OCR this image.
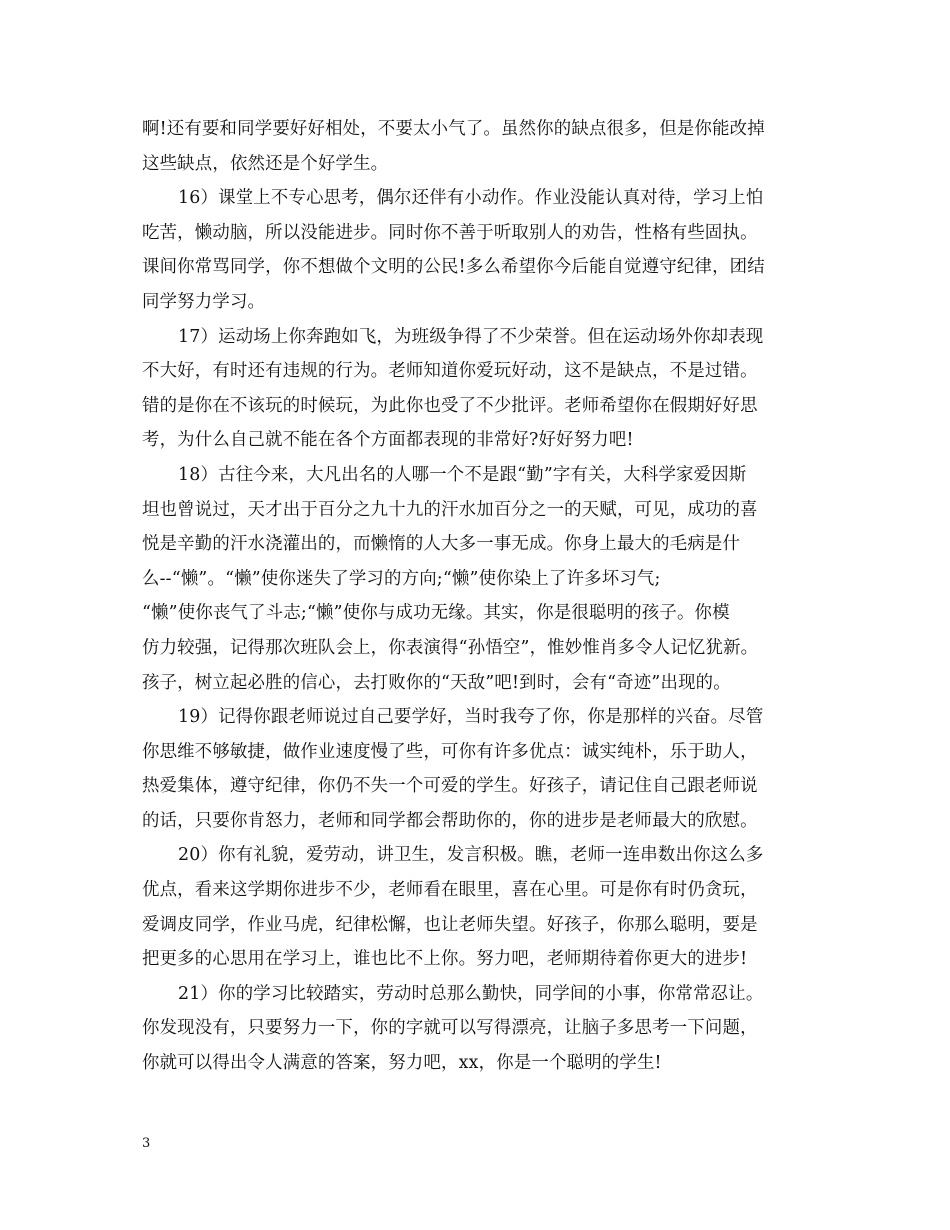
啊!还有要和同学要好好相处，不要太小气了。虽然你的缺点很多，但是你能改掉
这些缺点，依然还是个好学生。
16）课堂上不专心思考，偶尔还伴有小动作。作业没能认真对待，学习上怕
吃苦，懒动脑，所以没能进步。同时你不善于听取别人的劝告，性格有些固执。
课间你常骂同学，你不想做个文明的公民!多么希望你今后能自觉遵守纪律，团结
同学努力学习。
17）运动场上你奔跑如飞，为班级争得了不少荣誉。但在运动场外你却表现
不大好，有时还有违规的行为。老师知道你爱玩好动，这不是缺点，不是过错。
错的是你在不该玩的时候玩，为此你也受了不少批评。老师希望你在假期好好思
考，为什么自己就不能在各个方面都表现的非常好?好好努力吧!
18）古往今来，大凡出名的人哪一个不是跟“勤”字有关，大科学家爱因斯
坦也曾说过，天才出于百分之九十九的汗水加百分之一的天赋，可见，成功的喜
悦是辛勤的汗水浇灌出的，而懒惰的人大多一事无成。你身上最大的毛病是什
么--“懒”。“懒”使你迷失了学习的方向;“懒”使你染上了许多坏习气;
“懒”使你丧气了斗志;“懒”使你与成功无缘。其实，你是很聪明的孩子。你模
仿力较强，记得那次班队会上，你表演得“孙悟空”，惟妙惟肖多令人记忆犹新。
孩子，树立起必胜的信心，去打败你的“天敌”吧!到时，会有“奇迹”出现的。
19）记得你跟老师说过自己要学好，当时我夸了你，你是那样的兴奋。尽管
你思维不够敏捷，做作业速度慢了些，可你有许多优点：诚实纯朴，乐于助人，
热爱集体，遵守纪律，你仍不失一个可爱的学生。好孩子，请记住自己跟老师说
的话，只要你肯怒力，老师和同学都会帮助你的，你的进步是老师最大的欣慰。
20）你有礼貌，爱劳动，讲卫生，发言积极。瞧，老师一连串数出你这么多
优点，看来这学期你进步不少，老师看在眼里，喜在心里。可是你有时仍贪玩，
爱调皮同学，作业马虎，纪律松懈，也让老师失望。好孩子，你那么聪明，要是
把更多的心思用在学习上，谁也比不上你。努力吧，老师期待着你更大的进步!
21）你的学习比较踏实，劳动时总那么勤快，同学间的小事，你常常忍让。
你发现没有，只要努力一下，你的字就可以写得漂亮，让脑子多思考一下问题，
你就可以得出令人满意的答案，努力吧，xx，你是一个聪明的学生!
3
